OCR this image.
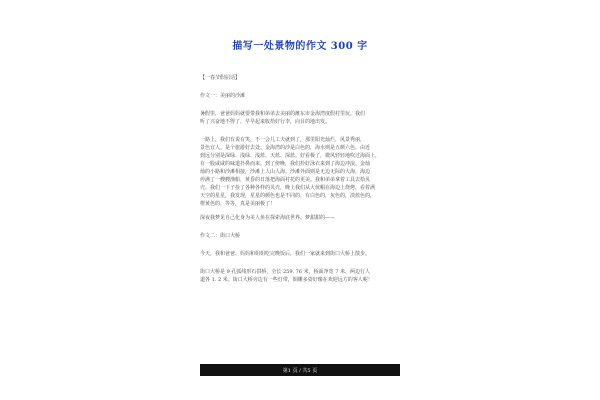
描写一处景物的作文 300 字
【一春节假屈话】
作文一：美丽的沙滩
暑假里，爸爸妈妈就要带我和弟弟去美丽的潍东市金海湾度假村里玩。我们
听了兴奋地不得了，早早起来收拾好行李，向目的地出发。
一路上，我们有说有笑，不一会儿工夫就到了，那里阳光灿烂，风景秀丽，
景色宜人。是个旅游好去处。金海湾的沙是白色的，海水则是五颜六色，由近
到远分别是深绿、浅绿、浅蓝、天蓝、深蓝。好看极了，微风轻轻地吹过海面上，
有一股咸咸的味道扑鼻而来。到了傍晚，我们拎好泳衣来到了海边冲浪。金灿
灿的小路和沙滩相接，沙滩上人山人海。沙滩外面则是无边无际的大海，海边
停满了一艘艘渔船，黄昏的日落把海面衬托的更美。我和弟弟拿着工具去拾贝
壳。我们一下子捡了各种各样的贝壳，晚上我们从大伙帽在海边上烧烤，看着满
天空的星星，我发现，星星的颜色也是不同的，有白色的，灰色的，淡蓝色的，
橙黄色的，等等，真是美丽极了！
深夜我梦见自己化身为美人鱼在探索海底世界、梦甜甜的——
作文二：街口大桥
今天，我和爸爸、妈妈和姐姐吃完晚饭后，我们一家就来到街口大桥上散步。
街口大桥是 9 孔弧线形石拱桥，全长 259. 76 米，桥面净宽 7 米，两边行人
道各 1. 2 米。街口大桥旁边有一些灯带，铜雕多姿好像在欢迎远方的客人呢！
第1 页 / 共5 页
